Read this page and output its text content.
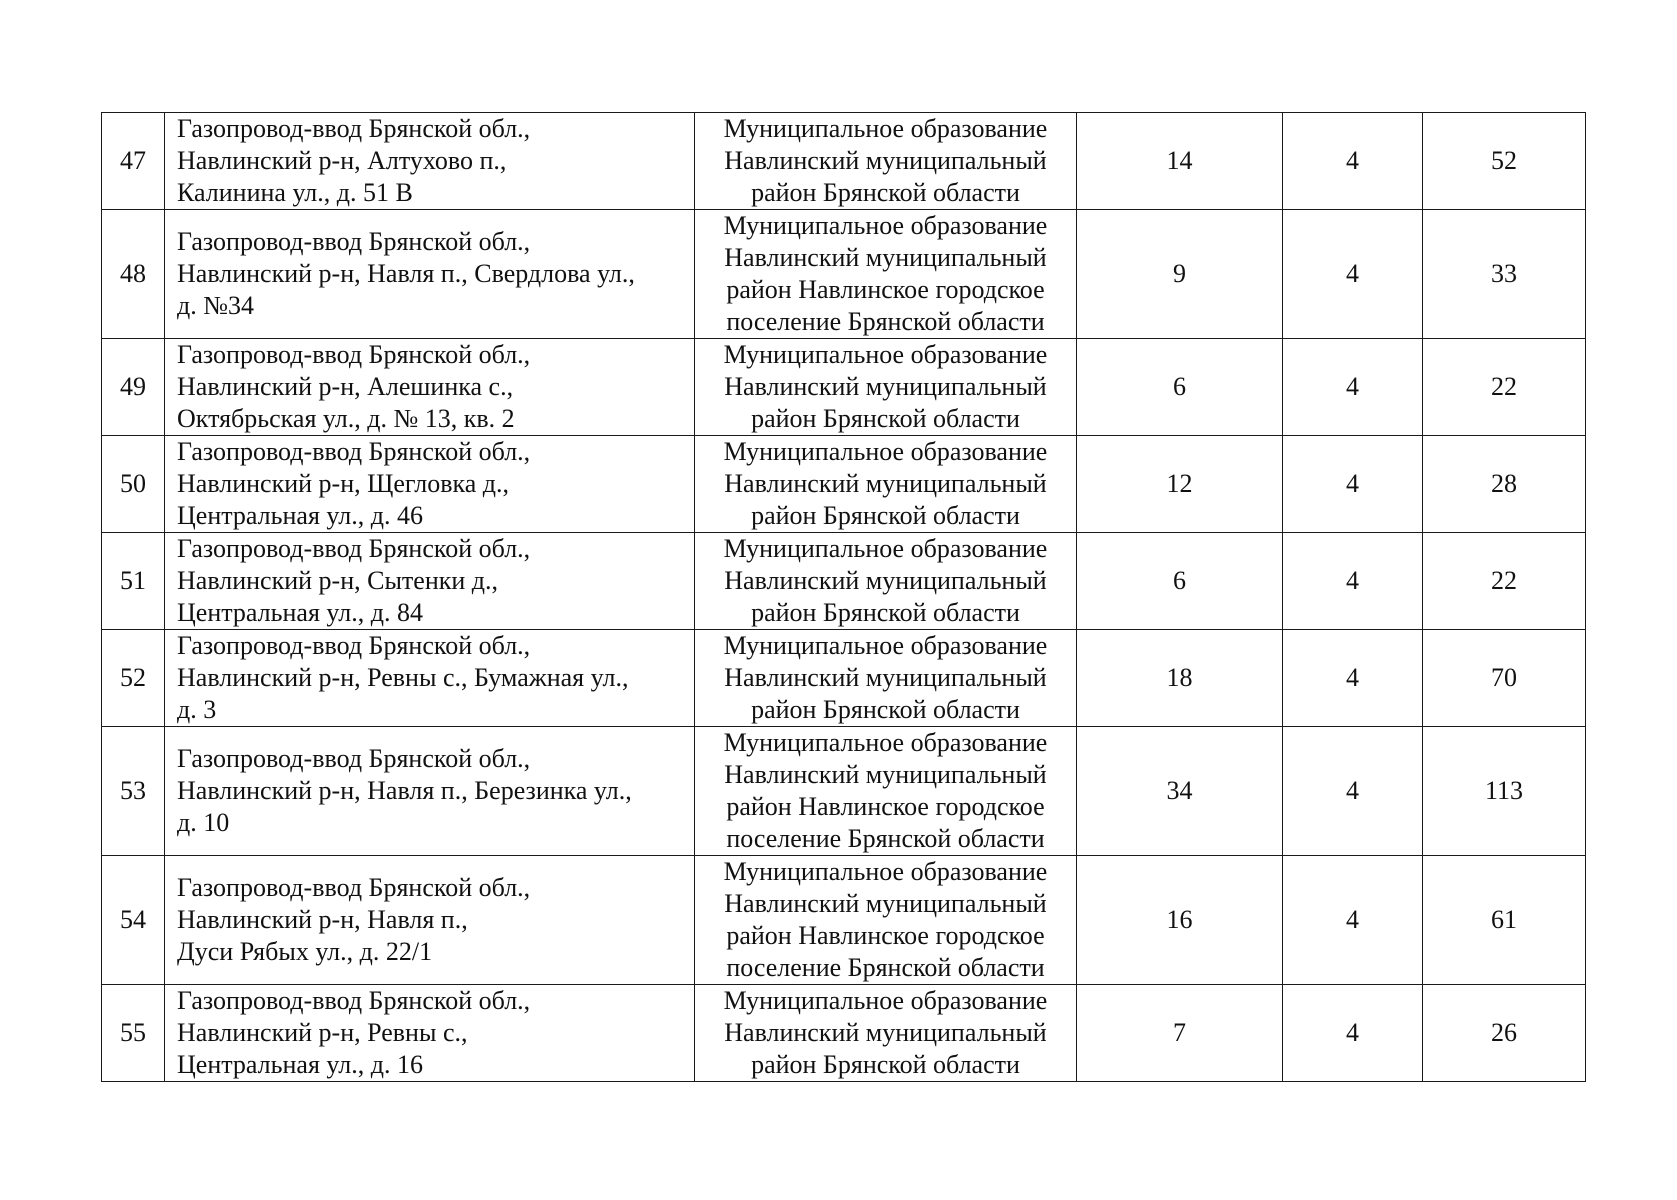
47	Газопровод-ввод Брянской обл.,
Навлинский р-н, Алтухово п.,
Калинина ул., д. 51 В	Муниципальное образование
Навлинский муниципальный
район Брянской области	14	4	52
48	Газопровод-ввод Брянской обл.,
Навлинский р-н, Навля п., Свердлова ул.,
д. №34	Муниципальное образование
Навлинский муниципальный
район Навлинское городское
поселение Брянской области	9	4	33
49	Газопровод-ввод Брянской обл.,
Навлинский р-н, Алешинка с.,
Октябрьская ул., д. № 13, кв. 2	Муниципальное образование
Навлинский муниципальный
район Брянской области	6	4	22
50	Газопровод-ввод Брянской обл.,
Навлинский р-н, Щегловка д.,
Центральная ул., д. 46	Муниципальное образование
Навлинский муниципальный
район Брянской области	12	4	28
51	Газопровод-ввод Брянской обл.,
Навлинский р-н, Сытенки д.,
Центральная ул., д. 84	Муниципальное образование
Навлинский муниципальный
район Брянской области	6	4	22
52	Газопровод-ввод Брянской обл.,
Навлинский р-н, Ревны с., Бумажная ул.,
д. 3	Муниципальное образование
Навлинский муниципальный
район Брянской области	18	4	70
53	Газопровод-ввод Брянской обл.,
Навлинский р-н, Навля п., Березинка ул.,
д. 10	Муниципальное образование
Навлинский муниципальный
район Навлинское городское
поселение Брянской области	34	4	113
54	Газопровод-ввод Брянской обл.,
Навлинский р-н, Навля п.,
Дуси Рябых ул., д. 22/1	Муниципальное образование
Навлинский муниципальный
район Навлинское городское
поселение Брянской области	16	4	61
55	Газопровод-ввод Брянской обл.,
Навлинский р-н, Ревны с.,
Центральная ул., д. 16	Муниципальное образование
Навлинский муниципальный
район Брянской области	7	4	26
